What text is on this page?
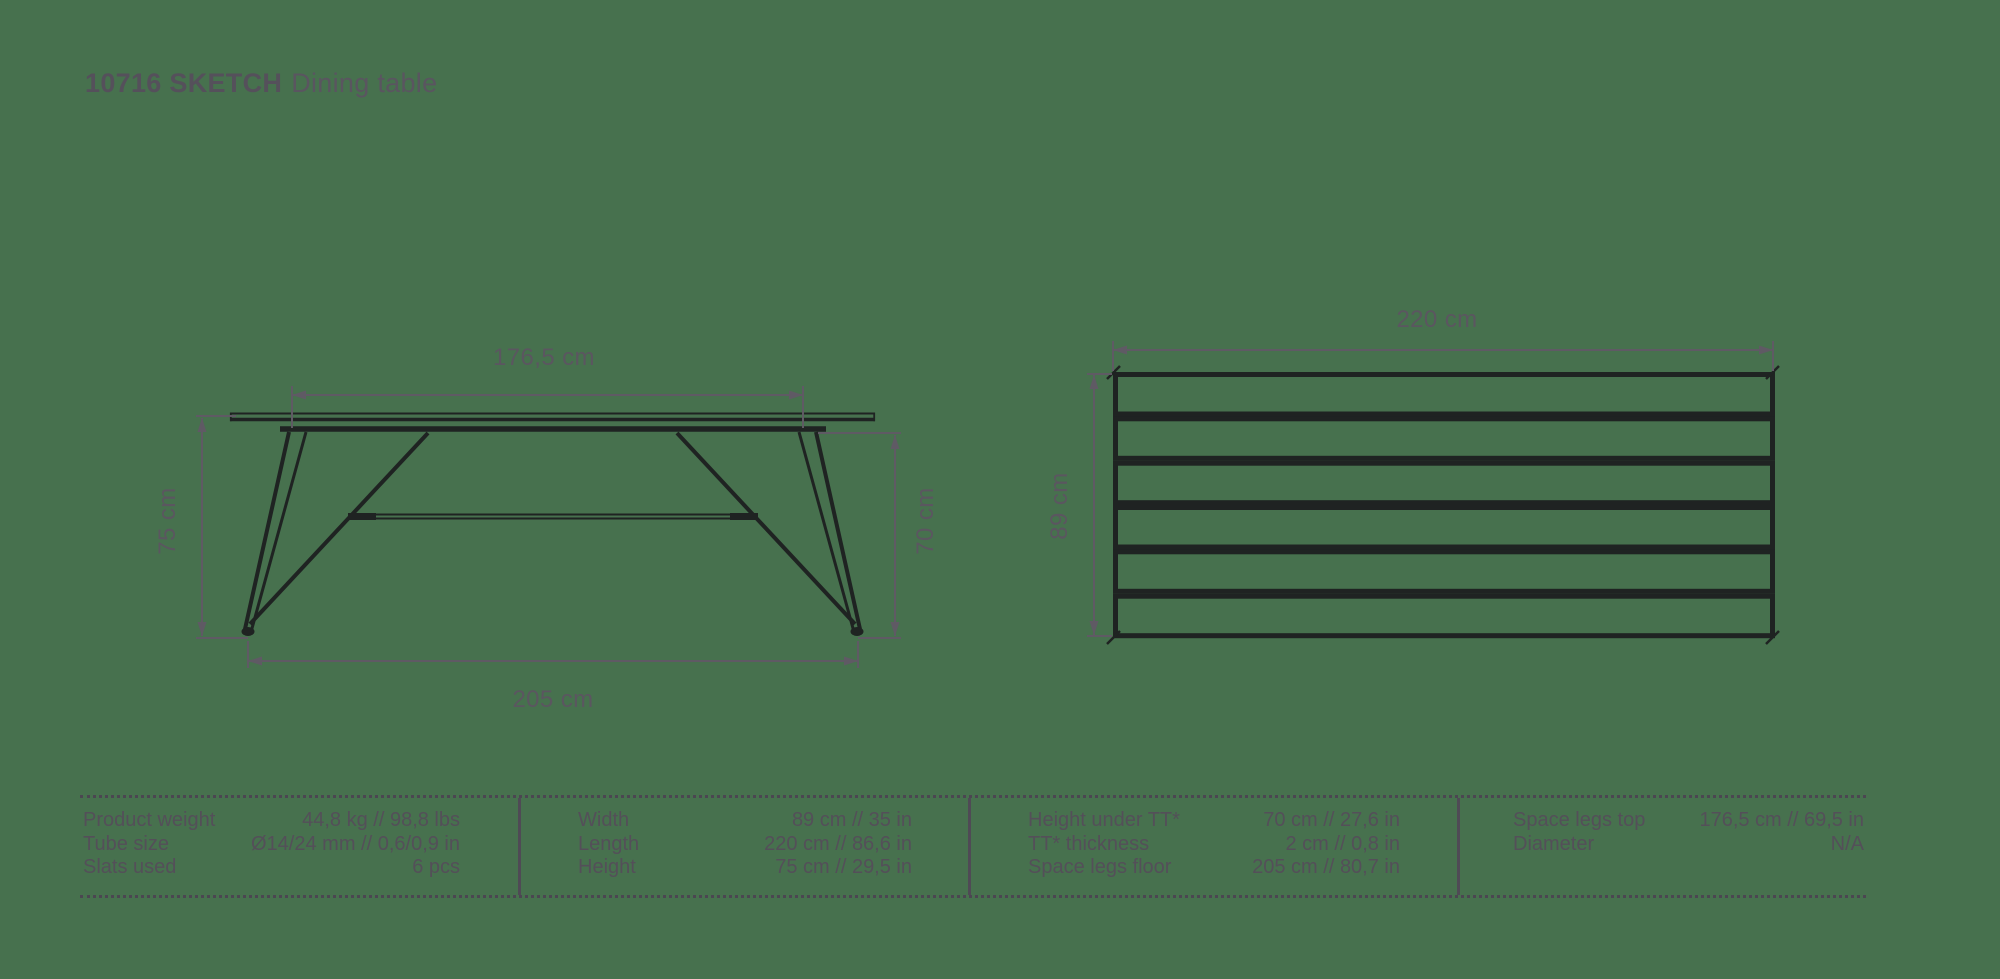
10716 SKETCH Dining table
176,5 cm
75 cm	70 cm
205 cm
220 cm
89 cm
Product weight	44,8 kg // 98,8 lbs
Tube size	Ø14/24 mm // 0,6/0,9 in
Slats used	6 pcs
Width	89 cm // 35 in
Length	220 cm // 86,6 in
Height	75 cm // 29,5 in
Height under TT*	70 cm // 27,6 in
TT* thickness	2 cm // 0,8 in
Space legs floor	205 cm // 80,7 in
Space legs top	176,5 cm // 69,5 in
Diameter	N/A
